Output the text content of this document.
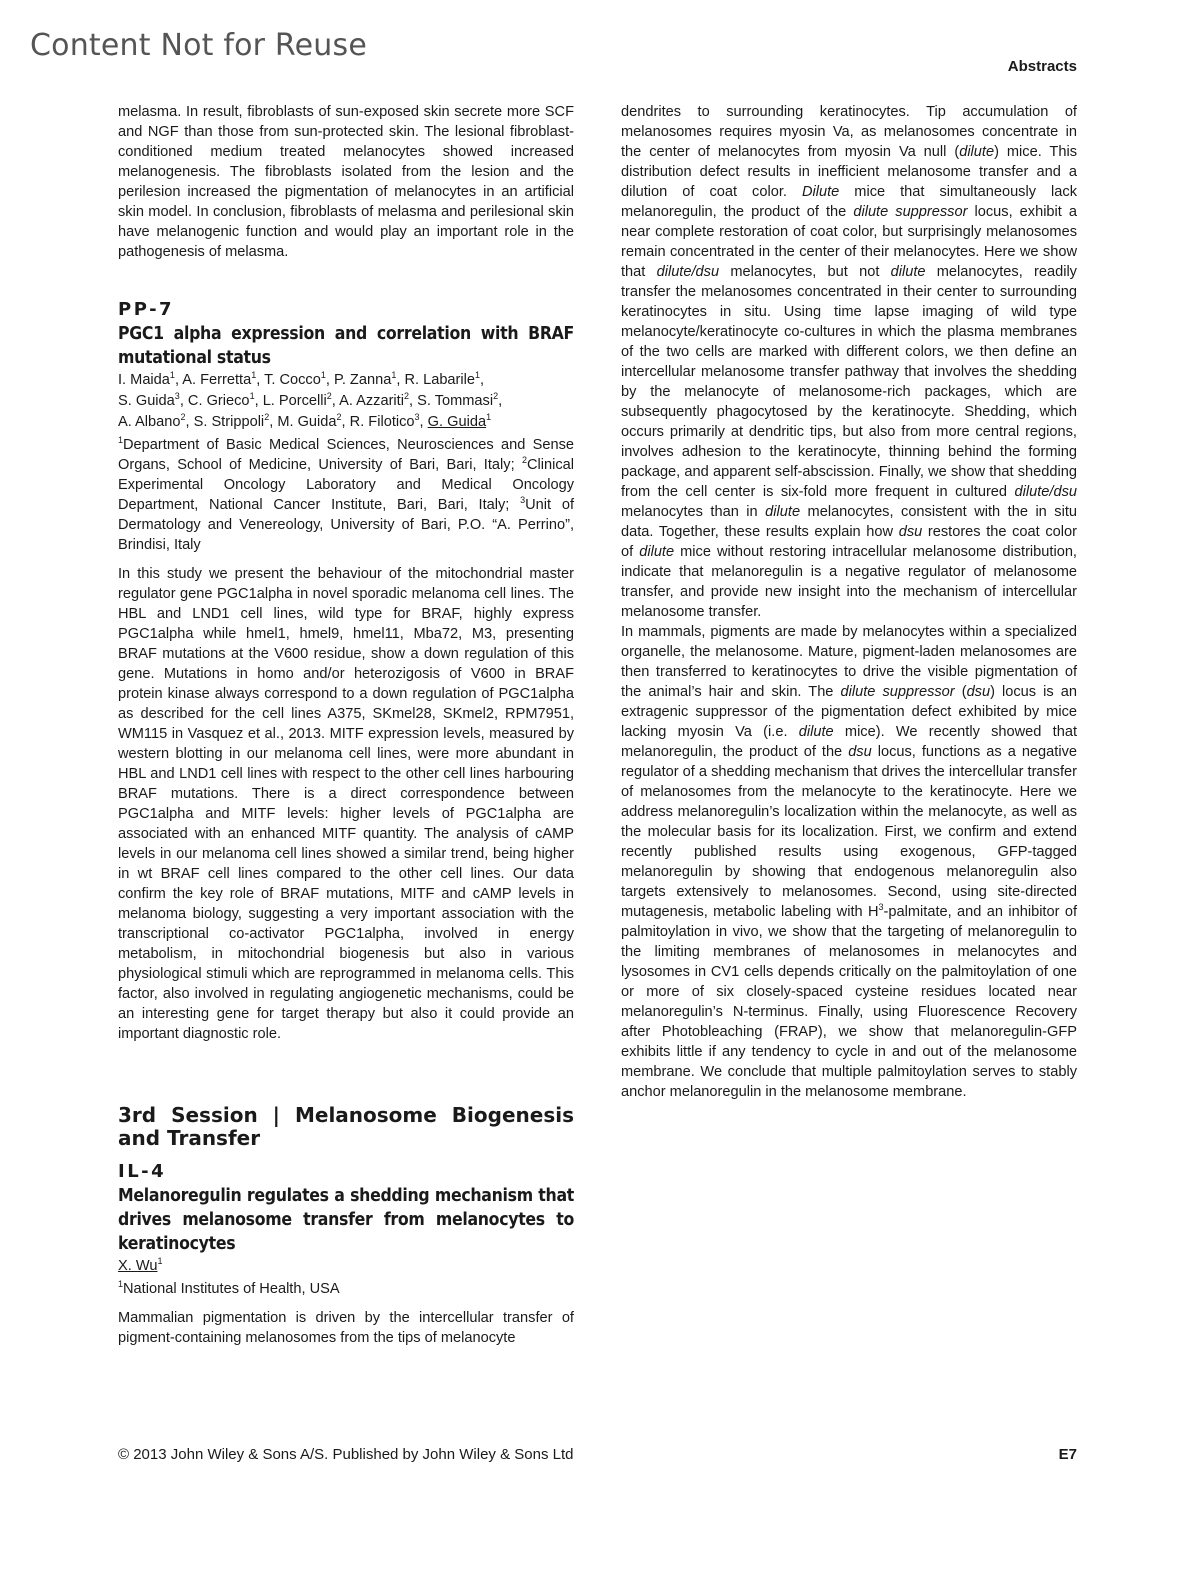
Content Not for Reuse
Abstracts

melasma. In result, fibroblasts of sun-exposed skin secrete more SCF and NGF than those from sun-protected skin. The lesional fibroblast-conditioned medium treated melanocytes showed increased melanogenesis. The fibroblasts isolated from the lesion and the perilesion increased the pigmentation of melanocytes in an artificial skin model. In conclusion, fibroblasts of melasma and perilesional skin have melanogenic function and would play an important role in the pathogenesis of melasma.

PP-7

PGC1 alpha expression and correlation with BRAF mutational status

I. Maida$^1$, A. Ferretta$^1$, T. Cocco$^1$, P. Zanna$^1$, R. Labarile$^1$,
S. Guida$^3$, C. Grieco$^1$, L. Porcelli$^2$, A. Azzariti$^2$, S. Tommasi$^2$,
A. Albano$^2$, S. Strippoli$^2$, M. Guida$^2$, R. Filotico$^3$, G. Guida$^1$

$^1$Department of Basic Medical Sciences, Neurosciences and Sense Organs, School of Medicine, University of Bari, Bari, Italy; $^2$Clinical Experimental Oncology Laboratory and Medical Oncology Department, National Cancer Institute, Bari, Bari, Italy; $^3$Unit of Dermatology and Venereology, University of Bari, P.O. “A. Perrino”, Brindisi, Italy

In this study we present the behaviour of the mitochondrial master regulator gene PGC1alpha in novel sporadic melanoma cell lines. The HBL and LND1 cell lines, wild type for BRAF, highly express PGC1alpha while hmel1, hmel9, hmel11, Mba72, M3, presenting BRAF mutations at the V600 residue, show a down regulation of this gene. Mutations in homo and/or heterozigosis of V600 in BRAF protein kinase always correspond to a down regulation of PGC1alpha as described for the cell lines A375, SKmel28, SKmel2, RPM7951, WM115 in Vasquez et al., 2013. MITF expression levels, measured by western blotting in our melanoma cell lines, were more abundant in HBL and LND1 cell lines with respect to the other cell lines harbouring BRAF mutations. There is a direct correspondence between PGC1alpha and MITF levels: higher levels of PGC1alpha are associated with an enhanced MITF quantity. The analysis of cAMP levels in our melanoma cell lines showed a similar trend, being higher in wt BRAF cell lines compared to the other cell lines. Our data confirm the key role of BRAF mutations, MITF and cAMP levels in melanoma biology, suggesting a very important association with the transcriptional co-activator PGC1alpha, involved in energy metabolism, in mitochondrial biogenesis but also in various physiological stimuli which are reprogrammed in melanoma cells. This factor, also involved in regulating angiogenetic mechanisms, could be an interesting gene for target therapy but also it could provide an important diagnostic role.

3rd Session | Melanosome Biogenesis and Transfer

IL-4

Melanoregulin regulates a shedding mechanism that drives melanosome transfer from melanocytes to keratinocytes

X. Wu$^1$

$^1$National Institutes of Health, USA

Mammalian pigmentation is driven by the intercellular transfer of pigment-containing melanosomes from the tips of melanocyte

dendrites to surrounding keratinocytes. Tip accumulation of melanosomes requires myosin Va, as melanosomes concentrate in the center of melanocytes from myosin Va null (dilute) mice. This distribution defect results in inefficient melanosome transfer and a dilution of coat color. Dilute mice that simultaneously lack melanoregulin, the product of the dilute suppressor locus, exhibit a near complete restoration of coat color, but surprisingly melanosomes remain concentrated in the center of their melanocytes. Here we show that dilute/dsu melanocytes, but not dilute melanocytes, readily transfer the melanosomes concentrated in their center to surrounding keratinocytes in situ. Using time lapse imaging of wild type melanocyte/keratinocyte co-cultures in which the plasma membranes of the two cells are marked with different colors, we then define an intercellular melanosome transfer pathway that involves the shedding by the melanocyte of melanosome-rich packages, which are subsequently phagocytosed by the keratinocyte. Shedding, which occurs primarily at dendritic tips, but also from more central regions, involves adhesion to the keratinocyte, thinning behind the forming package, and apparent self-abscission. Finally, we show that shedding from the cell center is six-fold more frequent in cultured dilute/dsu melanocytes than in dilute melanocytes, consistent with the in situ data. Together, these results explain how dsu restores the coat color of dilute mice without restoring intracellular melanosome distribution, indicate that melanoregulin is a negative regulator of melanosome transfer, and provide new insight into the mechanism of intercellular melanosome transfer.

In mammals, pigments are made by melanocytes within a specialized organelle, the melanosome. Mature, pigment-laden melanosomes are then transferred to keratinocytes to drive the visible pigmentation of the animal’s hair and skin. The dilute suppressor (dsu) locus is an extragenic suppressor of the pigmentation defect exhibited by mice lacking myosin Va (i.e. dilute mice). We recently showed that melanoregulin, the product of the dsu locus, functions as a negative regulator of a shedding mechanism that drives the intercellular transfer of melanosomes from the melanocyte to the keratinocyte. Here we address melanoregulin’s localization within the melanocyte, as well as the molecular basis for its localization. First, we confirm and extend recently published results using exogenous, GFP-tagged melanoregulin by showing that endogenous melanoregulin also targets extensively to melanosomes. Second, using site-directed mutagenesis, metabolic labeling with $H^3$-palmitate, and an inhibitor of palmitoylation in vivo, we show that the targeting of melanoregulin to the limiting membranes of melanosomes in melanocytes and lysosomes in CV1 cells depends critically on the palmitoylation of one or more of six closely-spaced cysteine residues located near melanoregulin’s N-terminus. Finally, using Fluorescence Recovery after Photobleaching (FRAP), we show that melanoregulin-GFP exhibits little if any tendency to cycle in and out of the melanosome membrane. We conclude that multiple palmitoylation serves to stably anchor melanoregulin in the melanosome membrane.

© 2013 John Wiley & Sons A/S. Published by John Wiley & Sons Ltd	E7
